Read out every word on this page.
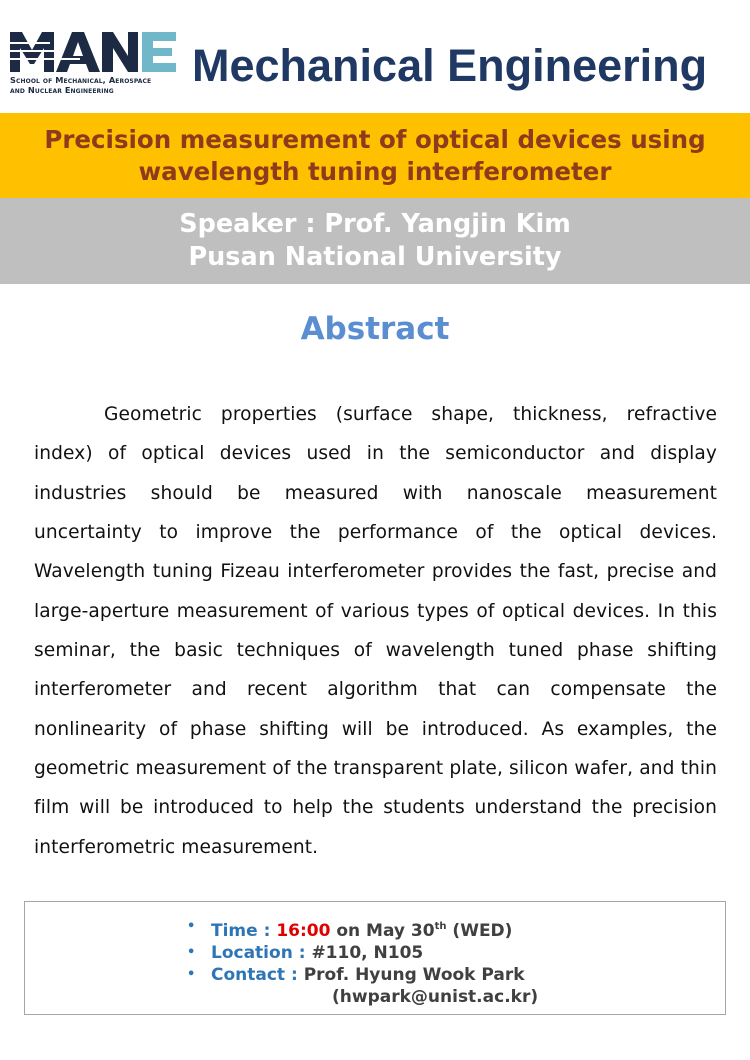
School of Mechanical, Aerospace
and Nuclear Engineering	Mechanical Engineering
Precision measurement of optical devices using
wavelength tuning interferometer
Speaker : Prof. Yangjin Kim
Pusan National University
Abstract
Geometric properties (surface shape, thickness, refractive index) of optical devices used in the semiconductor and display industries should be measured with nanoscale measurement uncertainty to improve the performance of the optical devices. Wavelength tuning Fizeau interferometer provides the fast, precise and large-aperture measurement of various types of optical devices. In this seminar, the basic techniques of wavelength tuned phase shifting interferometer and recent algorithm that can compensate the nonlinearity of phase shifting will be introduced. As examples, the geometric measurement of the transparent plate, silicon wafer, and thin film will be introduced to help the students understand the precision interferometric measurement.
• Time : 16:00 on May 30th (WED)
• Location : #110, N105
• Contact : Prof. Hyung Wook Park
(hwpark@unist.ac.kr)
